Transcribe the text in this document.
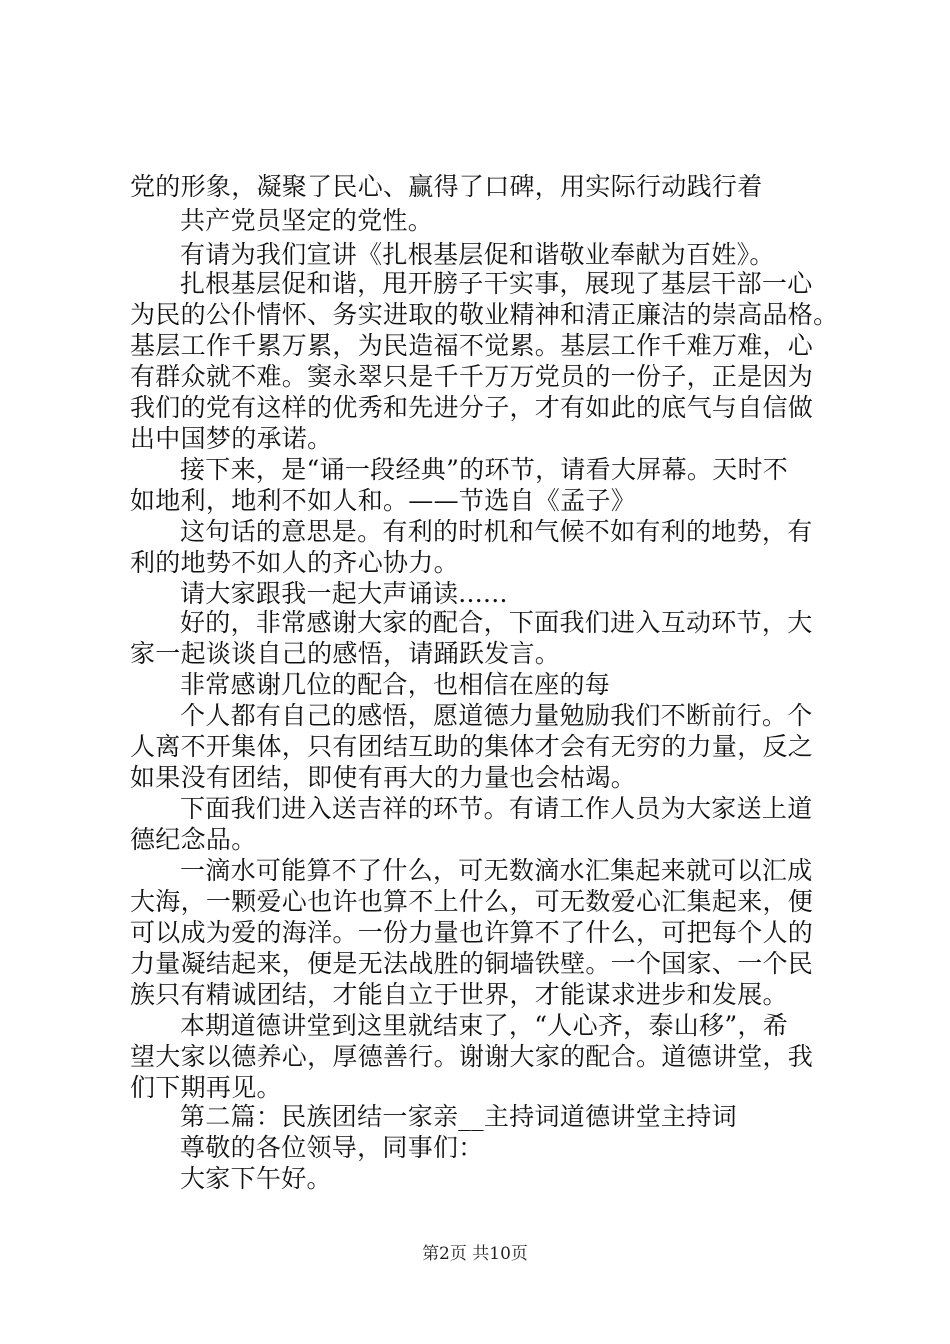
党的形象，凝聚了民心、赢得了口碑，用实际行动践行着
共产党员坚定的党性。
有请为我们宣讲《扎根基层促和谐敬业奉献为百姓》。
扎根基层促和谐，甩开膀子干实事，展现了基层干部一心
为民的公仆情怀、务实进取的敬业精神和清正廉洁的崇高品格。
基层工作千累万累，为民造福不觉累。基层工作千难万难，心
有群众就不难。窦永翠只是千千万万党员的一份子，正是因为
我们的党有这样的优秀和先进分子，才有如此的底气与自信做
出中国梦的承诺。
接下来，是“诵一段经典”的环节，请看大屏幕。天时不
如地利，地利不如人和。——节选自《孟子》
这句话的意思是。有利的时机和气候不如有利的地势，有
利的地势不如人的齐心协力。
请大家跟我一起大声诵读......
好的，非常感谢大家的配合，下面我们进入互动环节，大
家一起谈谈自己的感悟，请踊跃发言。
非常感谢几位的配合，也相信在座的每
个人都有自己的感悟，愿道德力量勉励我们不断前行。个
人离不开集体，只有团结互助的集体才会有无穷的力量，反之
如果没有团结，即使有再大的力量也会枯竭。
下面我们进入送吉祥的环节。有请工作人员为大家送上道
德纪念品。
一滴水可能算不了什么，可无数滴水汇集起来就可以汇成
大海，一颗爱心也许也算不上什么，可无数爱心汇集起来，便
可以成为爱的海洋。一份力量也许算不了什么，可把每个人的
力量凝结起来，便是无法战胜的铜墙铁壁。一个国家、一个民
族只有精诚团结，才能自立于世界，才能谋求进步和发展。
本期道德讲堂到这里就结束了，“人心齐，泰山移”，希
望大家以德养心，厚德善行。谢谢大家的配合。道德讲堂，我
们下期再见。
第二篇：民族团结一家亲__主持词道德讲堂主持词
尊敬的各位领导，同事们：
大家下午好。
第2页 共10页
